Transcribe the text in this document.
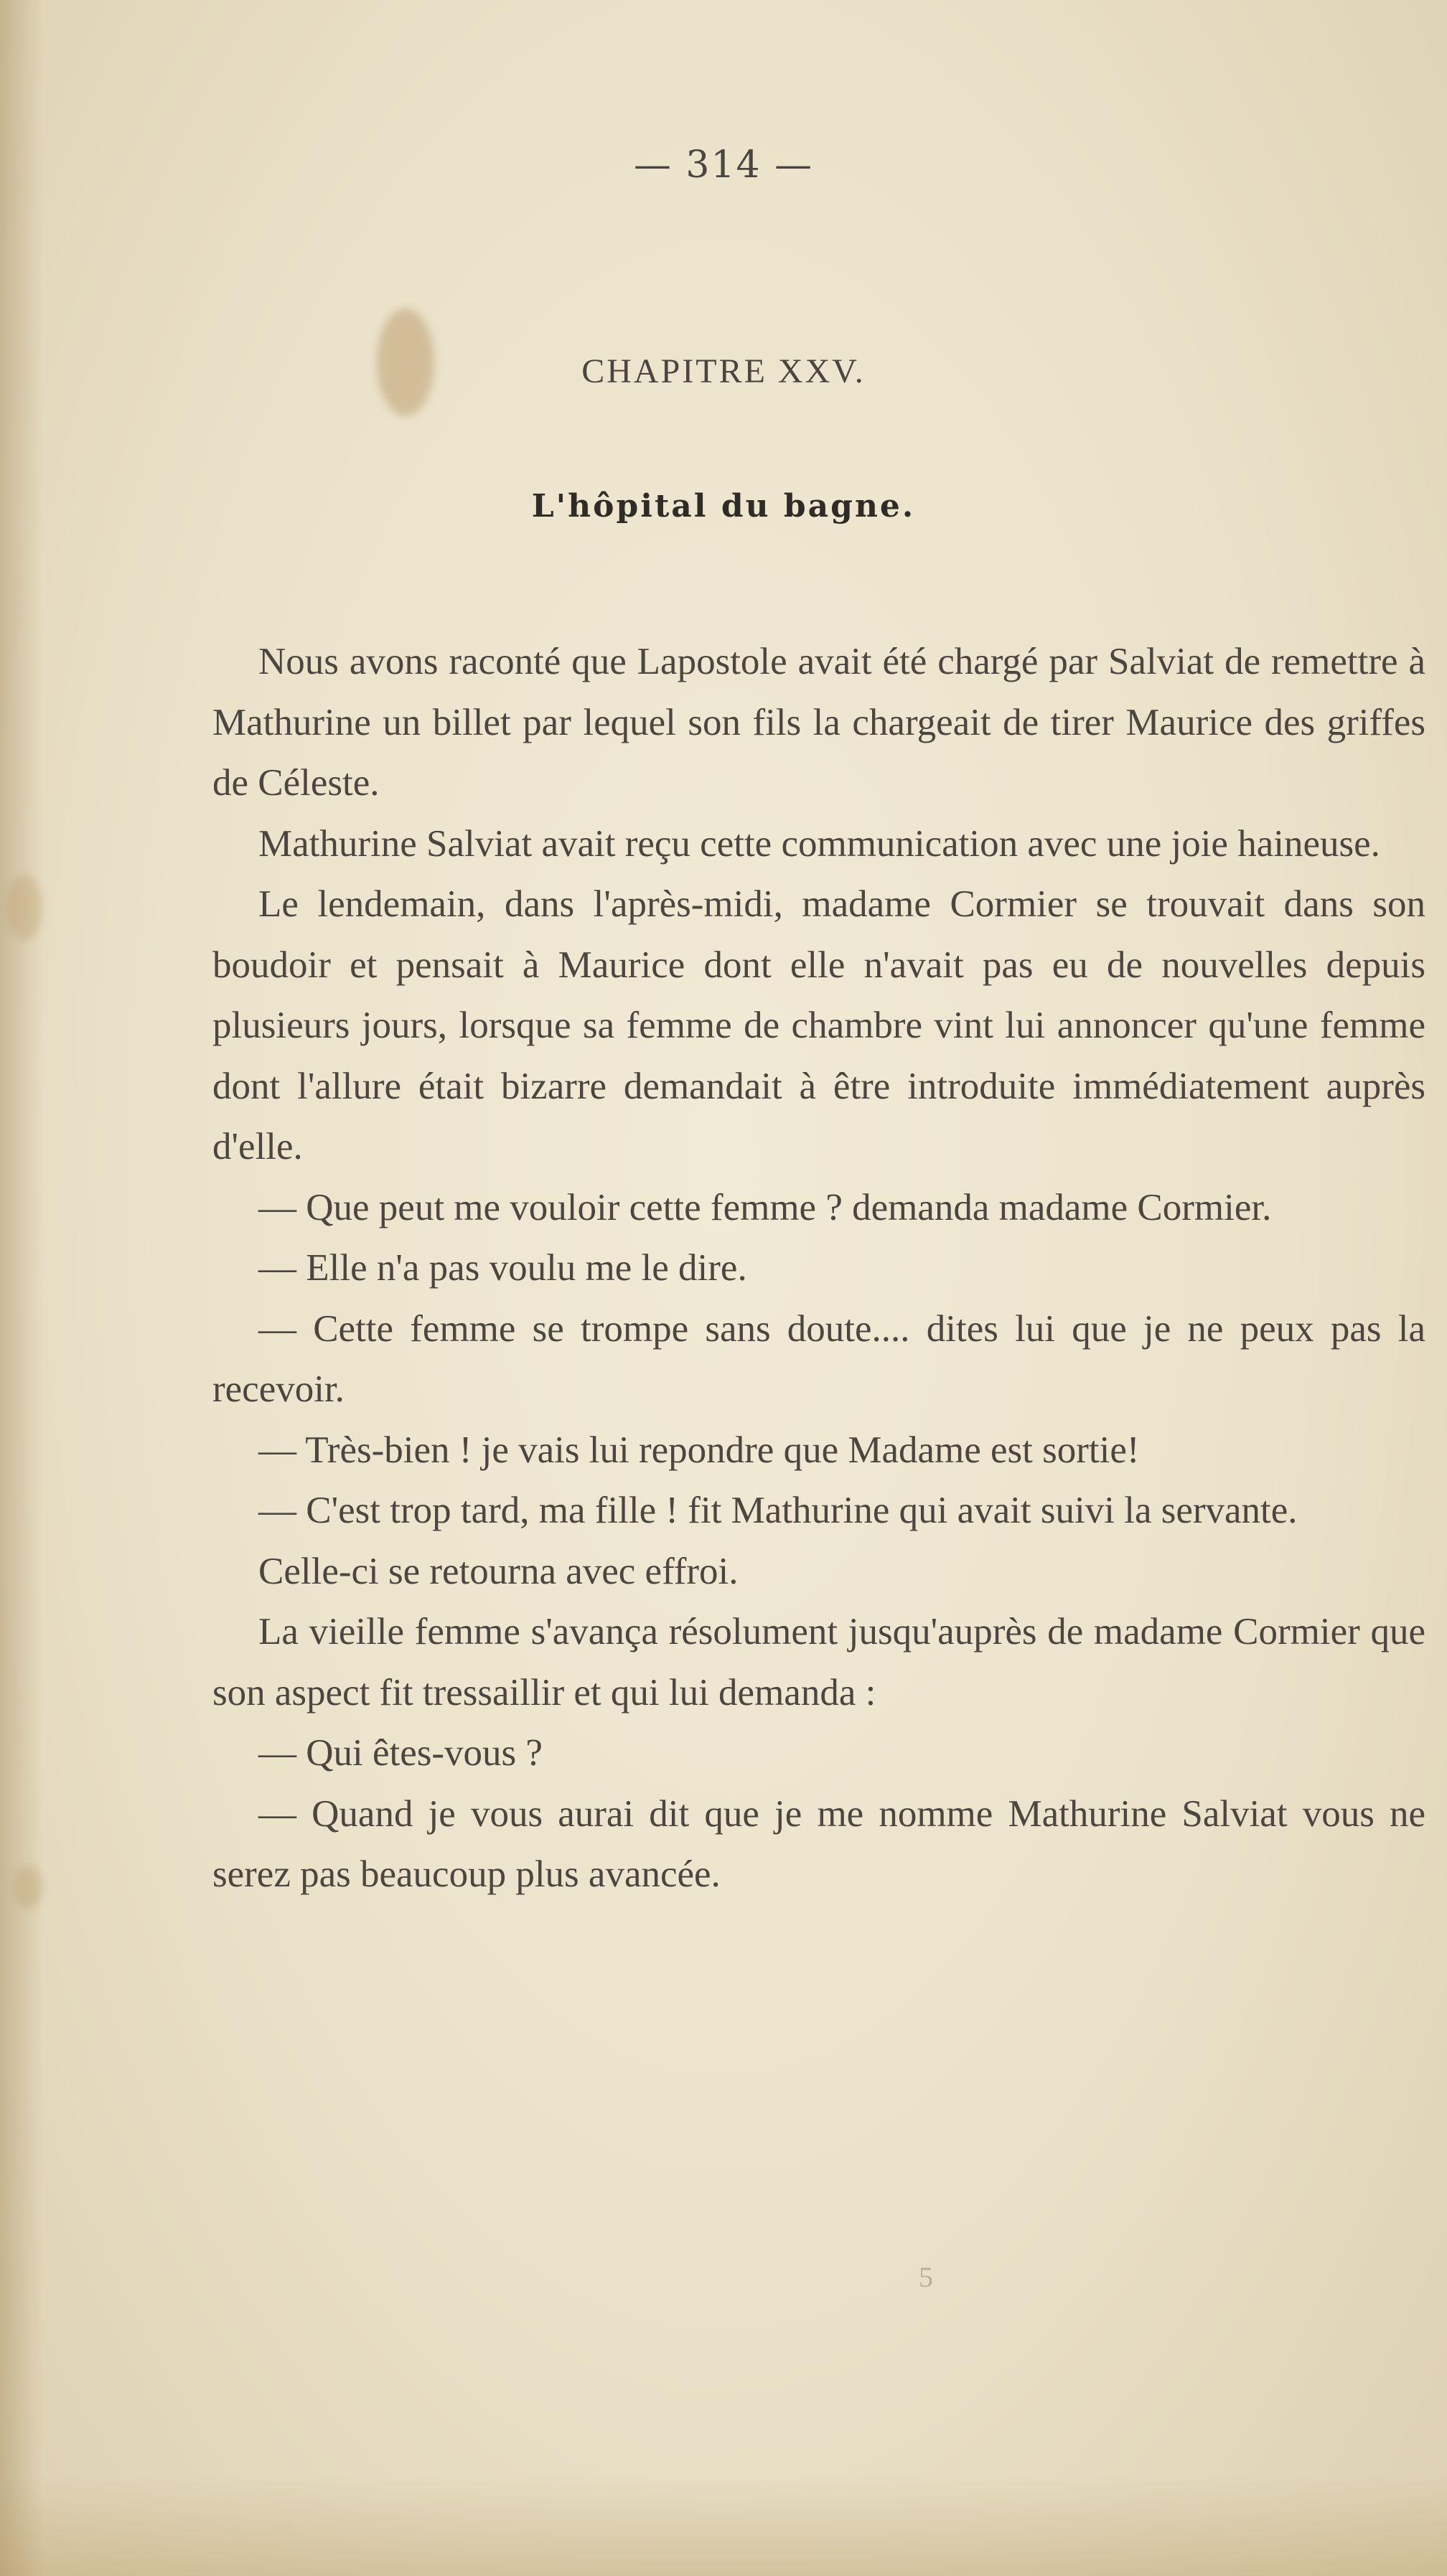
— 314 —
CHAPITRE XXV.
L'hôpital du bagne.

Nous avons raconté que Lapostole avait été chargé par Salviat de remettre à Mathurine un billet par lequel son fils la chargeait de tirer Maurice des griffes de Céleste.

Mathurine Salviat avait reçu cette communication avec une joie haineuse.

Le lendemain, dans l'après-midi, madame Cormier se trouvait dans son boudoir et pensait à Maurice dont elle n'avait pas eu de nouvelles depuis plusieurs jours, lorsque sa femme de chambre vint lui annoncer qu'une femme dont l'allure était bizarre demandait à être introduite immédiatement auprès d'elle.

— Que peut me vouloir cette femme ? demanda madame Cormier.

— Elle n'a pas voulu me le dire.

— Cette femme se trompe sans doute.... dites lui que je ne peux pas la recevoir.

— Très-bien ! je vais lui repondre que Madame est sortie!

— C'est trop tard, ma fille ! fit Mathurine qui avait suivi la servante.

Celle-ci se retourna avec effroi.

La vieille femme s'avança résolument jusqu'auprès de madame Cormier que son aspect fit tressaillir et qui lui demanda :

— Qui êtes-vous ?

— Quand je vous aurai dit que je me nomme Mathurine Salviat vous ne serez pas beaucoup plus avancée.

5
